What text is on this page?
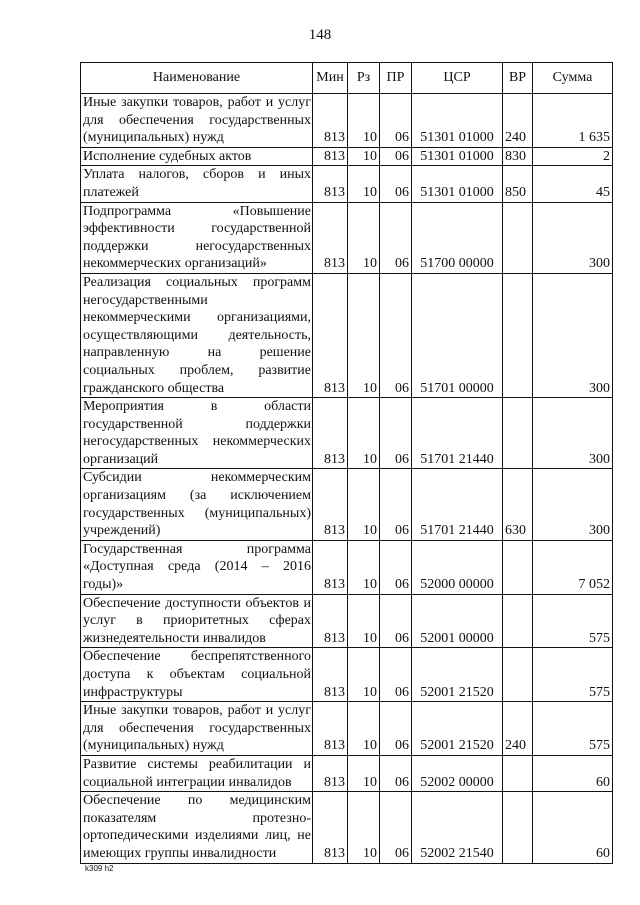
148
Наименование	Мин	Рз	ПР	ЦСР	ВР	Сумма
Иные закупки товаров, работ и услуг для обеспечения государственных (муниципальных) нужд	813	10	06	51301 01000	240	1 635
Исполнение судебных актов	813	10	06	51301 01000	830	2
Уплата налогов, сборов и иных платежей	813	10	06	51301 01000	850	45
Подпрограмма «Повышение эффективности государственной поддержки негосударственных некоммерческих организаций»	813	10	06	51700 00000		300
Реализация социальных программ негосударственными некоммерческими организациями, осуществляющими деятельность, направленную на решение социальных проблем, развитие гражданского общества	813	10	06	51701 00000		300
Мероприятия в области государственной поддержки негосударственных некоммерческих организаций	813	10	06	51701 21440		300
Субсидии некоммерческим организациям (за исключением государственных (муниципальных) учреждений)	813	10	06	51701 21440	630	300
Государственная программа «Доступная среда (2014 – 2016 годы)»	813	10	06	52000 00000		7 052
Обеспечение доступности объектов и услуг в приоритетных сферах жизнедеятельности инвалидов	813	10	06	52001 00000		575
Обеспечение беспрепятственного доступа к объектам социальной инфраструктуры	813	10	06	52001 21520		575
Иные закупки товаров, работ и услуг для обеспечения государственных (муниципальных) нужд	813	10	06	52001 21520	240	575
Развитие системы реабилитации и социальной интеграции инвалидов	813	10	06	52002 00000		60
Обеспечение по медицинским показателям протезно-ортопедическими изделиями лиц, не имеющих группы инвалидности	813	10	06	52002 21540		60
k309 h2
